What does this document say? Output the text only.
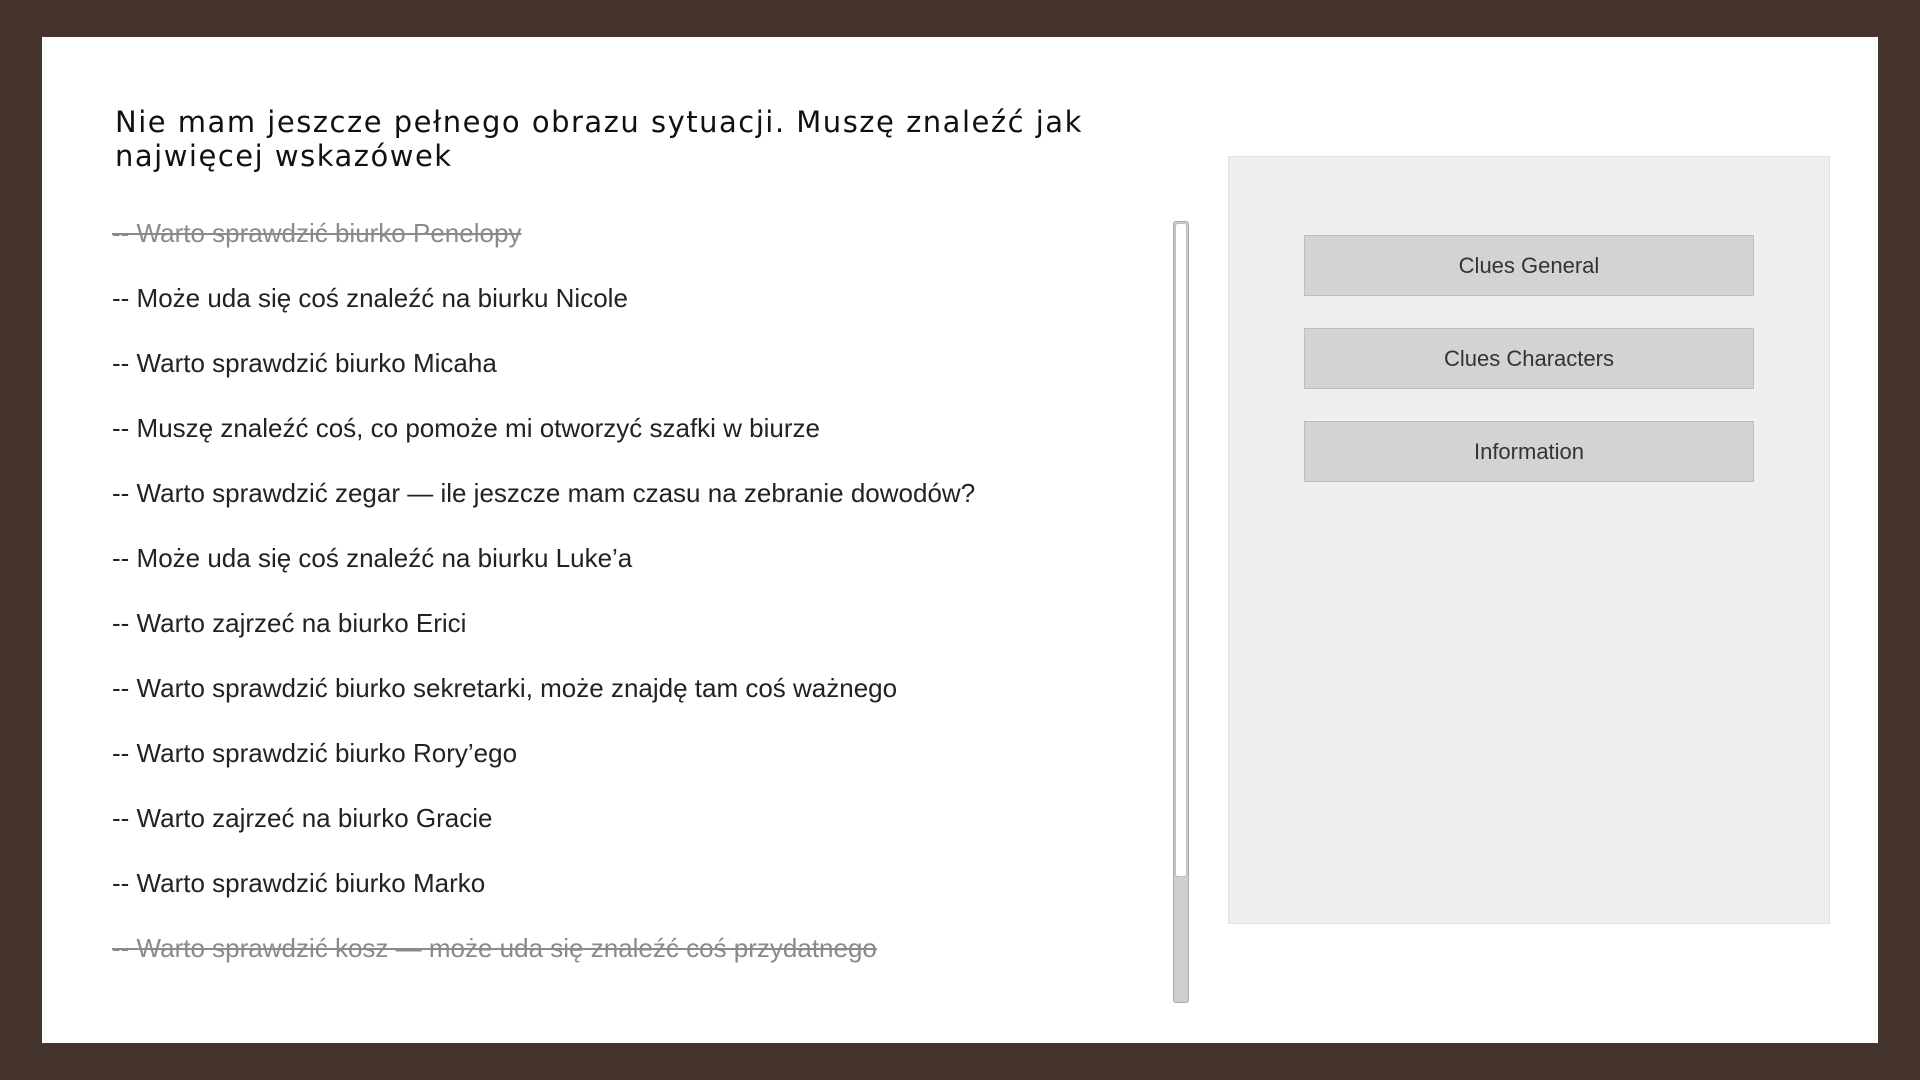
Nie mam jeszcze pełnego obrazu sytuacji. Muszę znaleźć jak najwięcej wskazówek
-- Warto sprawdzić biurko Penelopy
-- Może uda się coś znaleźć na biurku Nicole
-- Warto sprawdzić biurko Micaha
-- Muszę znaleźć coś, co pomoże mi otworzyć szafki w biurze
-- Warto sprawdzić zegar — ile jeszcze mam czasu na zebranie dowodów?
-- Może uda się coś znaleźć na biurku Luke’a
-- Warto zajrzeć na biurko Erici
-- Warto sprawdzić biurko sekretarki, może znajdę tam coś ważnego
-- Warto sprawdzić biurko Rory’ego
-- Warto zajrzeć na biurko Gracie
-- Warto sprawdzić biurko Marko
-- Warto sprawdzić kosz — może uda się znaleźć coś przydatnego
Clues General
Clues Characters
Information
